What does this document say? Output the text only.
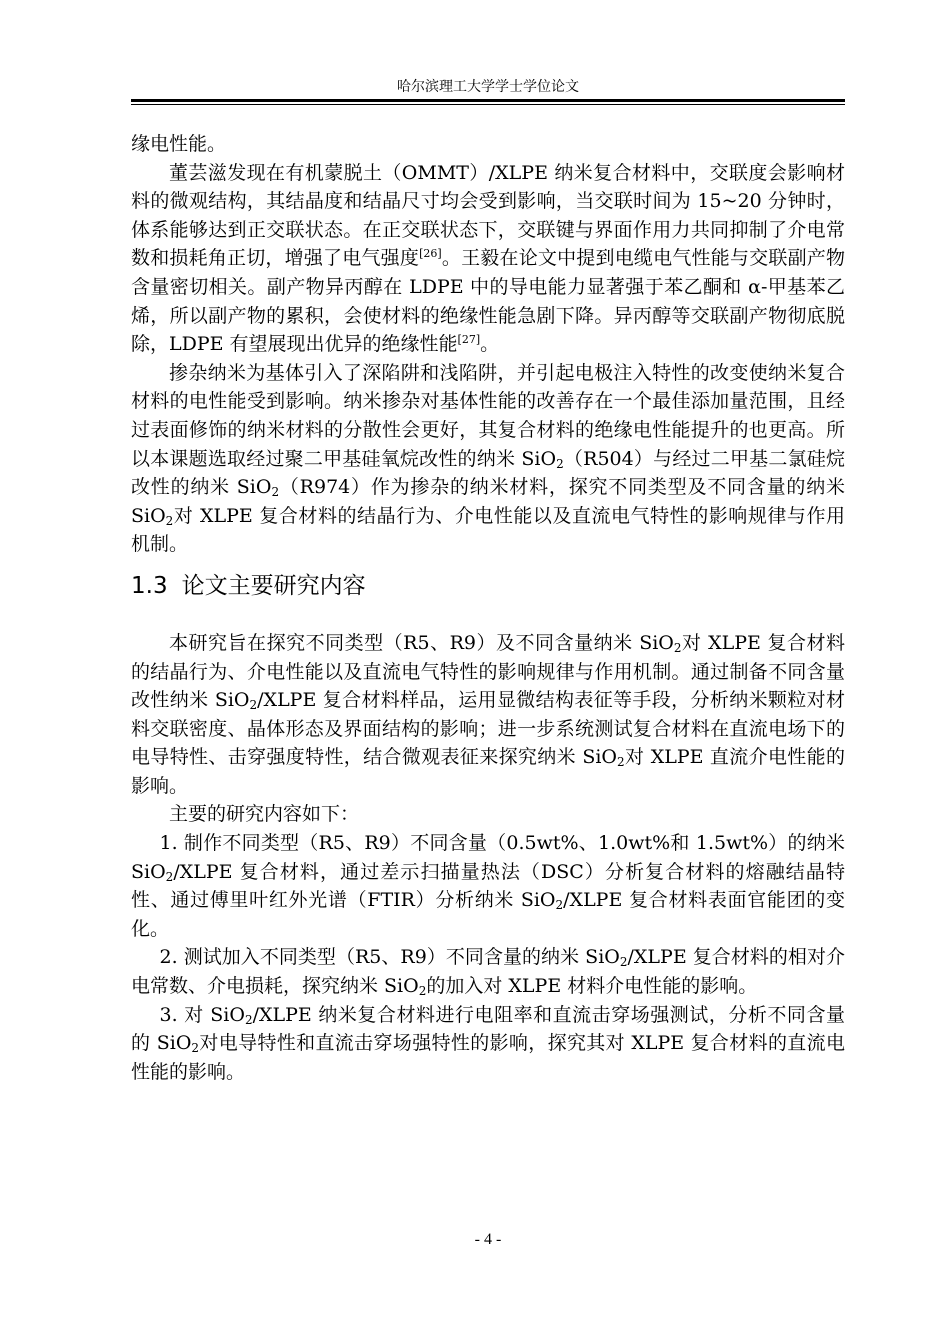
哈尔滨理工大学学士学位论文

缘电性能。

董芸滋发现在有机蒙脱土（OMMT）/XLPE 纳米复合材料中，交联度会影响材料的微观结构，其结晶度和结晶尺寸均会受到影响，当交联时间为 15~20 分钟时，体系能够达到正交联状态。在正交联状态下，交联键与界面作用力共同抑制了介电常数和损耗角正切，增强了电气强度[26]。王毅在论文中提到电缆电气性能与交联副产物含量密切相关。副产物异丙醇在 LDPE 中的导电能力显著强于苯乙酮和 α-甲基苯乙烯，所以副产物的累积，会使材料的绝缘性能急剧下降。异丙醇等交联副产物彻底脱除，LDPE 有望展现出优异的绝缘性能[27]。

掺杂纳米为基体引入了深陷阱和浅陷阱，并引起电极注入特性的改变使纳米复合材料的电性能受到影响。纳米掺杂对基体性能的改善存在一个最佳添加量范围，且经过表面修饰的纳米材料的分散性会更好，其复合材料的绝缘电性能提升的也更高。所以本课题选取经过聚二甲基硅氧烷改性的纳米 SiO$_2$（R504）与经过二甲基二氯硅烷改性的纳米 SiO$_2$（R974）作为掺杂的纳米材料，探究不同类型及不同含量的纳米 SiO$_2$对 XLPE 复合材料的结晶行为、介电性能以及直流电气特性的影响规律与作用机制。

1.3 论文主要研究内容

本研究旨在探究不同类型（R5、R9）及不同含量纳米 SiO$_2$对 XLPE 复合材料的结晶行为、介电性能以及直流电气特性的影响规律与作用机制。通过制备不同含量改性纳米 SiO$_2$/XLPE 复合材料样品，运用显微结构表征等手段，分析纳米颗粒对材料交联密度、晶体形态及界面结构的影响；进一步系统测试复合材料在直流电场下的电导特性、击穿强度特性，结合微观表征来探究纳米 SiO$_2$对 XLPE 直流介电性能的影响。

主要的研究内容如下：

1. 制作不同类型（R5、R9）不同含量（0.5wt%、1.0wt%和 1.5wt%）的纳米 SiO$_2$/XLPE 复合材料，通过差示扫描量热法（DSC）分析复合材料的熔融结晶特性、通过傅里叶红外光谱（FTIR）分析纳米 SiO$_2$/XLPE 复合材料表面官能团的变化。

2. 测试加入不同类型（R5、R9）不同含量的纳米 SiO$_2$/XLPE 复合材料的相对介电常数、介电损耗，探究纳米 SiO$_2$的加入对 XLPE 材料介电性能的影响。

3. 对 SiO$_2$/XLPE 纳米复合材料进行电阻率和直流击穿场强测试，分析不同含量的 SiO$_2$对电导特性和直流击穿场强特性的影响，探究其对 XLPE 复合材料的直流电性能的影响。

- 4 -
